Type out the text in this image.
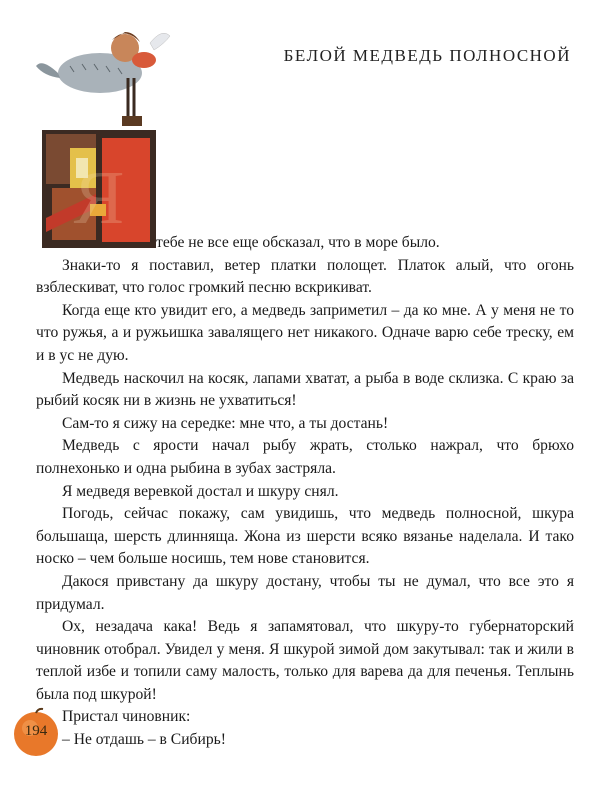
БЕЛОЙ МЕДВЕДЬ ПОЛНОСНОЙ
Я

тебе не все еще обсказал, что в море было.

Знаки-то я поставил, ветер платки полощет. Платок алый, что огонь взблескиват, что голос громкий песню вскрикиват.

Когда еще кто увидит его, а медведь заприметил – да ко мне. А у меня не то что ружья, а и ружьишка завалящего нет никакого. Одначе варю себе треску, ем и в ус не дую.

Медведь наскочил на косяк, лапами хватат, а рыба в воде склизка. С краю за рыбий косяк ни в жизнь не ухватиться!

Сам-то я сижу на середке: мне что, а ты достань!

Медведь с ярости начал рыбу жрать, столько нажрал, что брюхо полнехонько и одна рыбина в зубах застряла.

Я медведя веревкой достал и шкуру снял.

Погодь, сейчас покажу, сам увидишь, что медведь полносной, шкура большаща, шерсть длинняща. Жона из шерсти всяко вязанье наделала. И тако носко – чем больше носишь, тем нове становится.

Дакося привстану да шкуру достану, чтобы ты не думал, что все это я придумал.

Ох, незадача кака! Ведь я запамятовал, что шкуру-то губернаторский чиновник отобрал. Увидел у меня. Я шкурой зимой дом закутывал: так и жили в теплой избе и топили саму малость, только для варева да для печенья. Теплынь была под шкурой!

Пристал чиновник:

– Не отдашь – в Сибирь!

194
